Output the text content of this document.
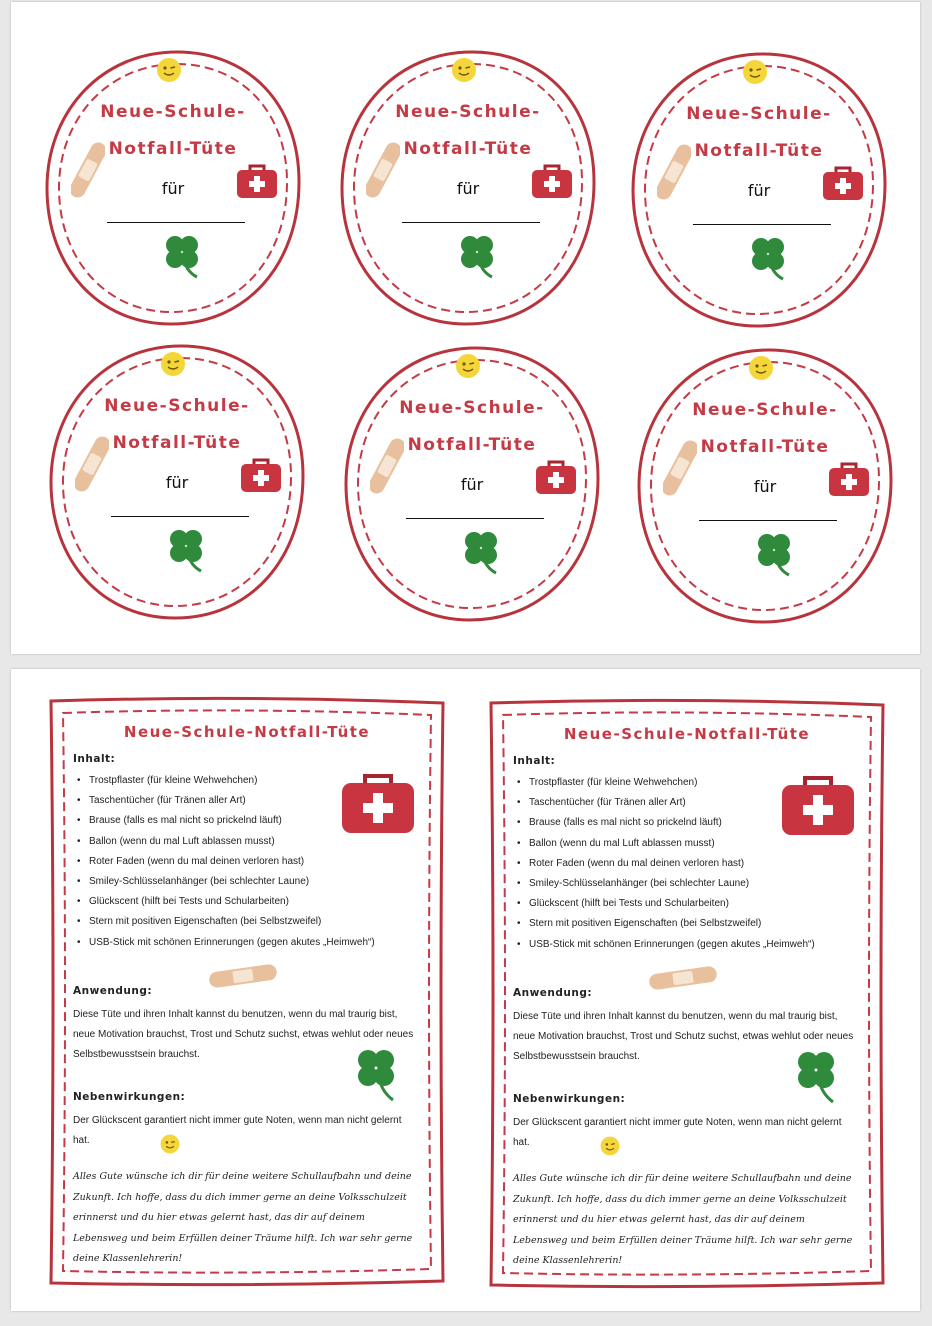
Neue-Schule-
Notfall-Tüte
für
Neue-Schule-
Notfall-Tüte
für
Neue-Schule-
Notfall-Tüte
für
Neue-Schule-
Notfall-Tüte
für
Neue-Schule-
Notfall-Tüte
für
Neue-Schule-
Notfall-Tüte
für
Neue-Schule-Notfall-Tüte
Inhalt:
• Trostpflaster (für kleine Wehwehchen)
• Taschentücher (für Tränen aller Art)
• Brause (falls es mal nicht so prickelnd läuft)
• Ballon (wenn du mal Luft ablassen musst)
• Roter Faden (wenn du mal deinen verloren hast)
• Smiley-Schlüsselanhänger (bei schlechter Laune)
• Glückscent (hilft bei Tests und Schularbeiten)
• Stern mit positiven Eigenschaften (bei Selbstzweifel)
• USB-Stick mit schönen Erinnerungen (gegen akutes „Heimweh“)
Anwendung:
Diese Tüte und ihren Inhalt kannst du benutzen, wenn du mal traurig bist, neue Motivation brauchst, Trost und Schutz suchst, etwas wehlut oder neues Selbstbewusstsein brauchst.
Nebenwirkungen:
Der Glückscent garantiert nicht immer gute Noten, wenn man nicht gelernt hat.
Alles Gute wünsche ich dir für deine weitere Schullaufbahn und deine Zukunft. Ich hoffe, dass du dich immer gerne an deine Volksschulzeit erinnerst und du hier etwas gelernt hast, das dir auf deinem Lebensweg und beim Erfüllen deiner Träume hilft. Ich war sehr gerne deine Klassenlehrerin!
Neue-Schule-Notfall-Tüte
Inhalt:
• Trostpflaster (für kleine Wehwehchen)
• Taschentücher (für Tränen aller Art)
• Brause (falls es mal nicht so prickelnd läuft)
• Ballon (wenn du mal Luft ablassen musst)
• Roter Faden (wenn du mal deinen verloren hast)
• Smiley-Schlüsselanhänger (bei schlechter Laune)
• Glückscent (hilft bei Tests und Schularbeiten)
• Stern mit positiven Eigenschaften (bei Selbstzweifel)
• USB-Stick mit schönen Erinnerungen (gegen akutes „Heimweh“)
Anwendung:
Diese Tüte und ihren Inhalt kannst du benutzen, wenn du mal traurig bist, neue Motivation brauchst, Trost und Schutz suchst, etwas wehlut oder neues Selbstbewusstsein brauchst.
Nebenwirkungen:
Der Glückscent garantiert nicht immer gute Noten, wenn man nicht gelernt hat.
Alles Gute wünsche ich dir für deine weitere Schullaufbahn und deine Zukunft. Ich hoffe, dass du dich immer gerne an deine Volksschulzeit erinnerst und du hier etwas gelernt hast, das dir auf deinem Lebensweg und beim Erfüllen deiner Träume hilft. Ich war sehr gerne deine Klassenlehrerin!
